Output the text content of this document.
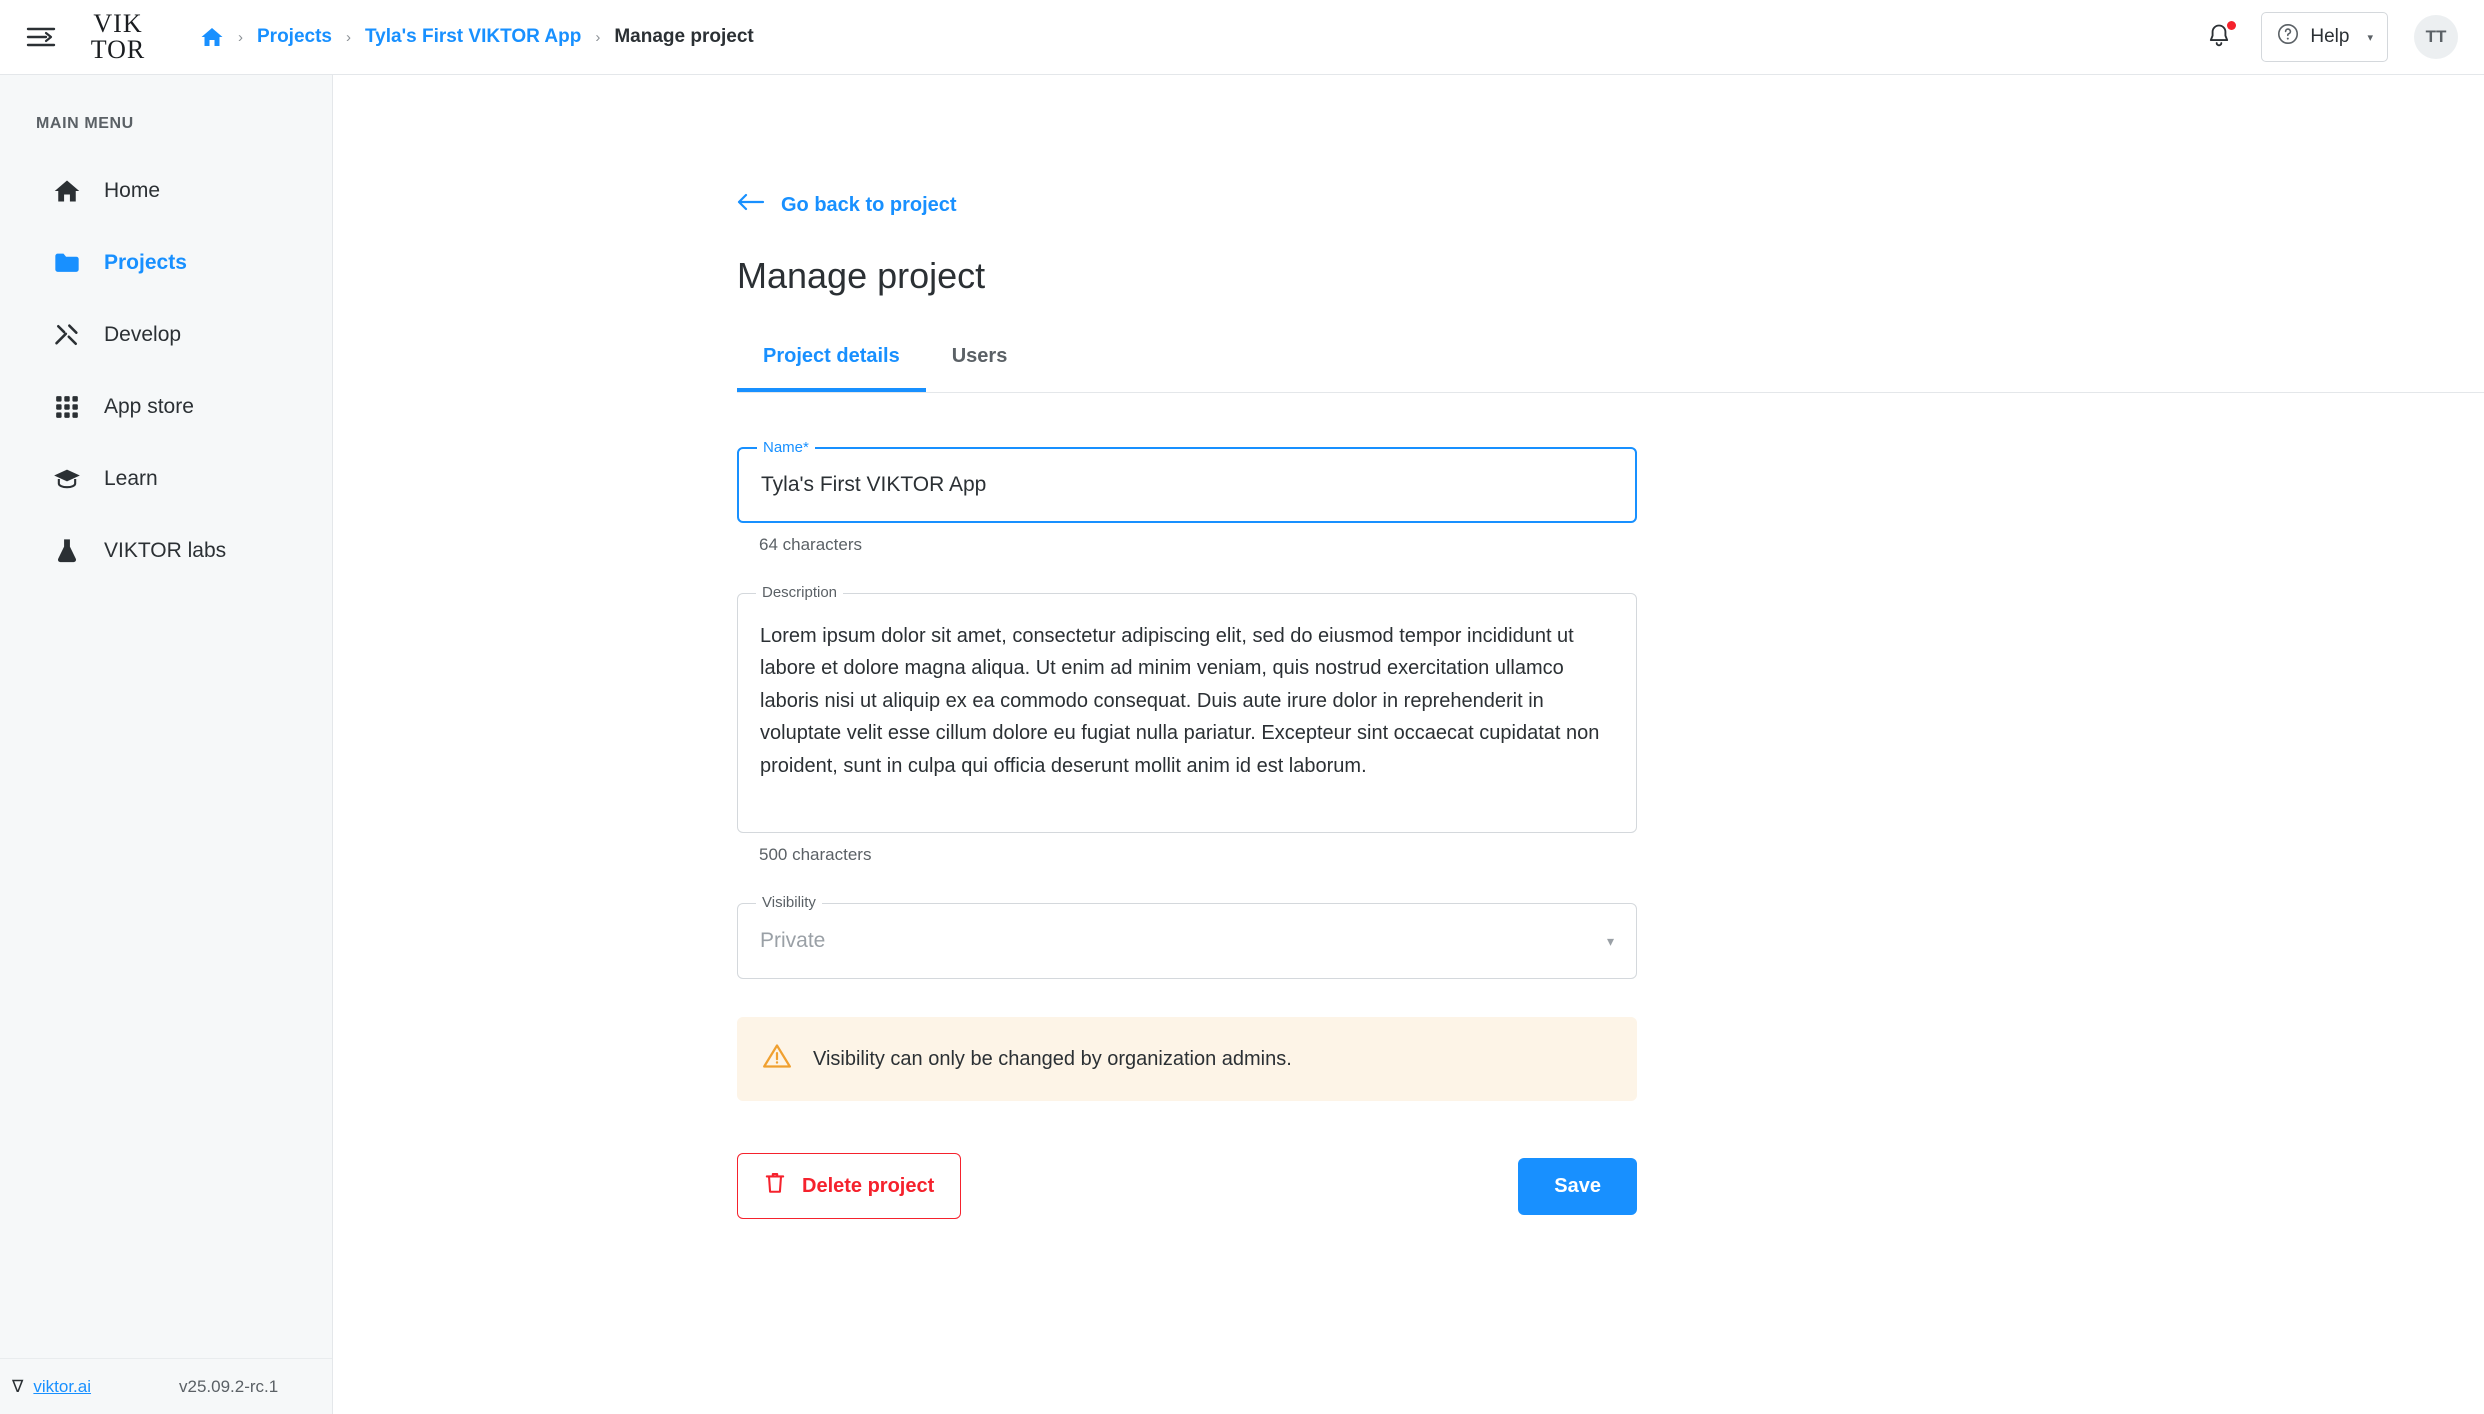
VIK
TOR	› Projects › Tyla's First VIKTOR App › Manage project	Help ▾	TT
MAIN MENU
Home
Projects
Develop
App store
Learn
VIKTOR labs
∇ viktor.ai	v25.09.2-rc.1
Go back to project
Manage project
Project details	Users
Name*
Tyla's First VIKTOR App
64 characters
Description
Lorem ipsum dolor sit amet, consectetur adipiscing elit, sed do eiusmod tempor incididunt ut labore et dolore magna aliqua. Ut enim ad minim veniam, quis nostrud exercitation ullamco laboris nisi ut aliquip ex ea commodo consequat. Duis aute irure dolor in reprehenderit in voluptate velit esse cillum dolore eu fugiat nulla pariatur. Excepteur sint occaecat cupidatat non proident, sunt in culpa qui officia deserunt mollit anim id est laborum.
500 characters
Visibility
Private	▾
Visibility can only be changed by organization admins.
Delete project	Save
